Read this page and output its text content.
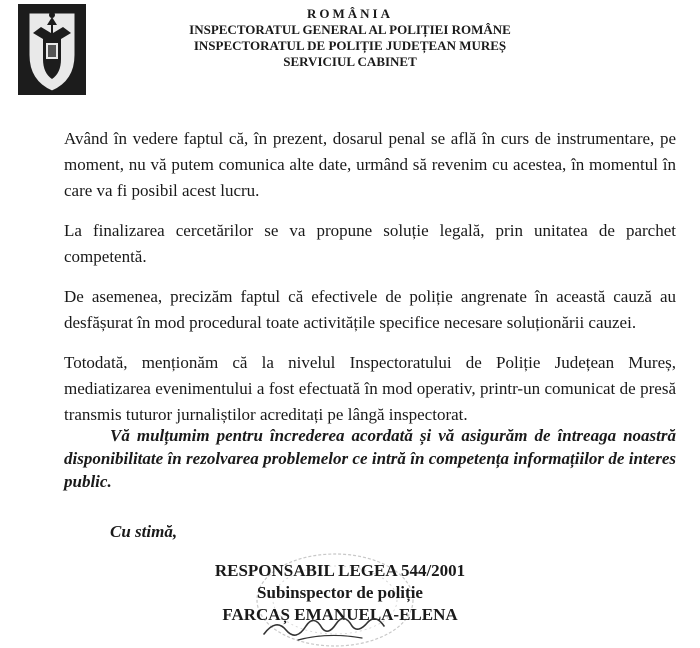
ROMÂNIA
INSPECTORATUL GENERAL AL POLIȚIEI ROMÂNE
INSPECTORATUL DE POLIȚIE JUDEȚEAN MUREȘ
SERVICIUL CABINET

Având în vedere faptul că, în prezent, dosarul penal se află în curs de instrumentare, pe moment, nu vă putem comunica alte date, urmând să revenim cu acestea, în momentul în care va fi posibil acest lucru.

La finalizarea cercetărilor se va propune soluție legală, prin unitatea de parchet competentă.

De asemenea, precizăm faptul că efectivele de poliție angrenate în această cauză au desfășurat în mod procedural toate activitățile specifice necesare soluționării cauzei.

Totodată, menționăm că la nivelul Inspectoratului de Poliție Județean Mureș, mediatizarea evenimentului a fost efectuată în mod operativ, printr-un comunicat de presă transmis tuturor jurnaliștilor acreditați pe lângă inspectorat.

Vă mulțumim pentru încrederea acordată și vă asigurăm de întreaga noastră disponibilitate în rezolvarea problemelor ce intră în competența informațiilor de interes public.

Cu stimă,
RESPONSABIL LEGEA 544/2001
Subinspector de poliție
FARCAȘ EMANUELA-ELENA
